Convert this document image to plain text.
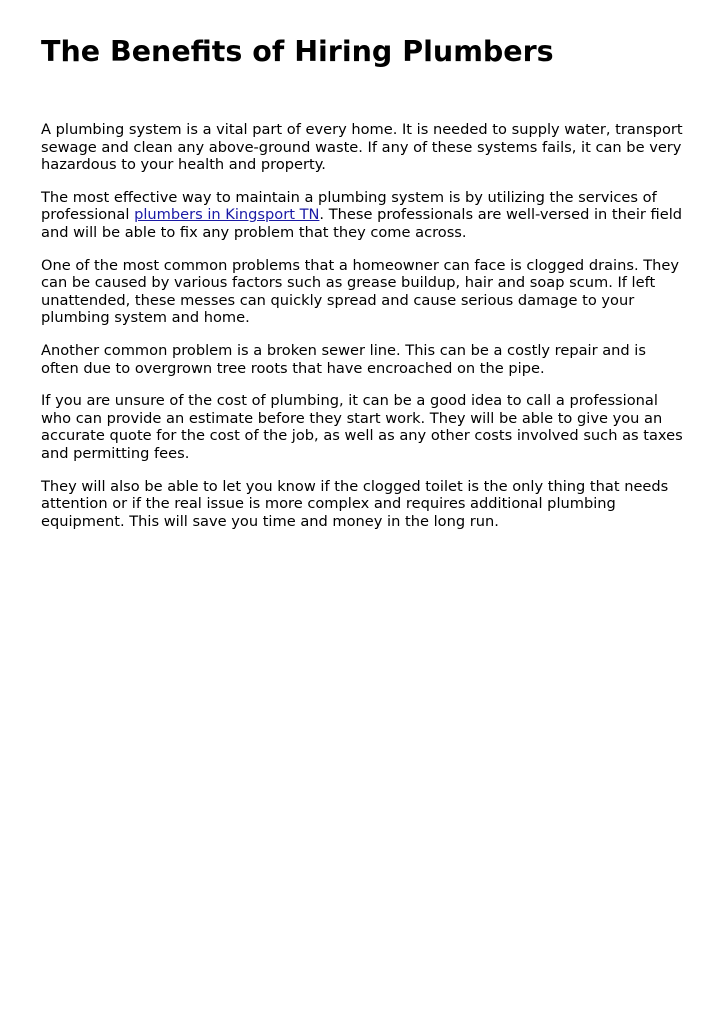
The Benefits of Hiring Plumbers

A plumbing system is a vital part of every home. It is needed to supply water, transport sewage and clean any above-ground waste. If any of these systems fails, it can be very hazardous to your health and property.

The most effective way to maintain a plumbing system is by utilizing the services of professional plumbers in Kingsport TN. These professionals are well-versed in their field and will be able to fix any problem that they come across.

One of the most common problems that a homeowner can face is clogged drains. They can be caused by various factors such as grease buildup, hair and soap scum. If left unattended, these messes can quickly spread and cause serious damage to your plumbing system and home.

Another common problem is a broken sewer line. This can be a costly repair and is often due to overgrown tree roots that have encroached on the pipe.

If you are unsure of the cost of plumbing, it can be a good idea to call a professional who can provide an estimate before they start work. They will be able to give you an accurate quote for the cost of the job, as well as any other costs involved such as taxes and permitting fees.

They will also be able to let you know if the clogged toilet is the only thing that needs attention or if the real issue is more complex and requires additional plumbing equipment. This will save you time and money in the long run.
